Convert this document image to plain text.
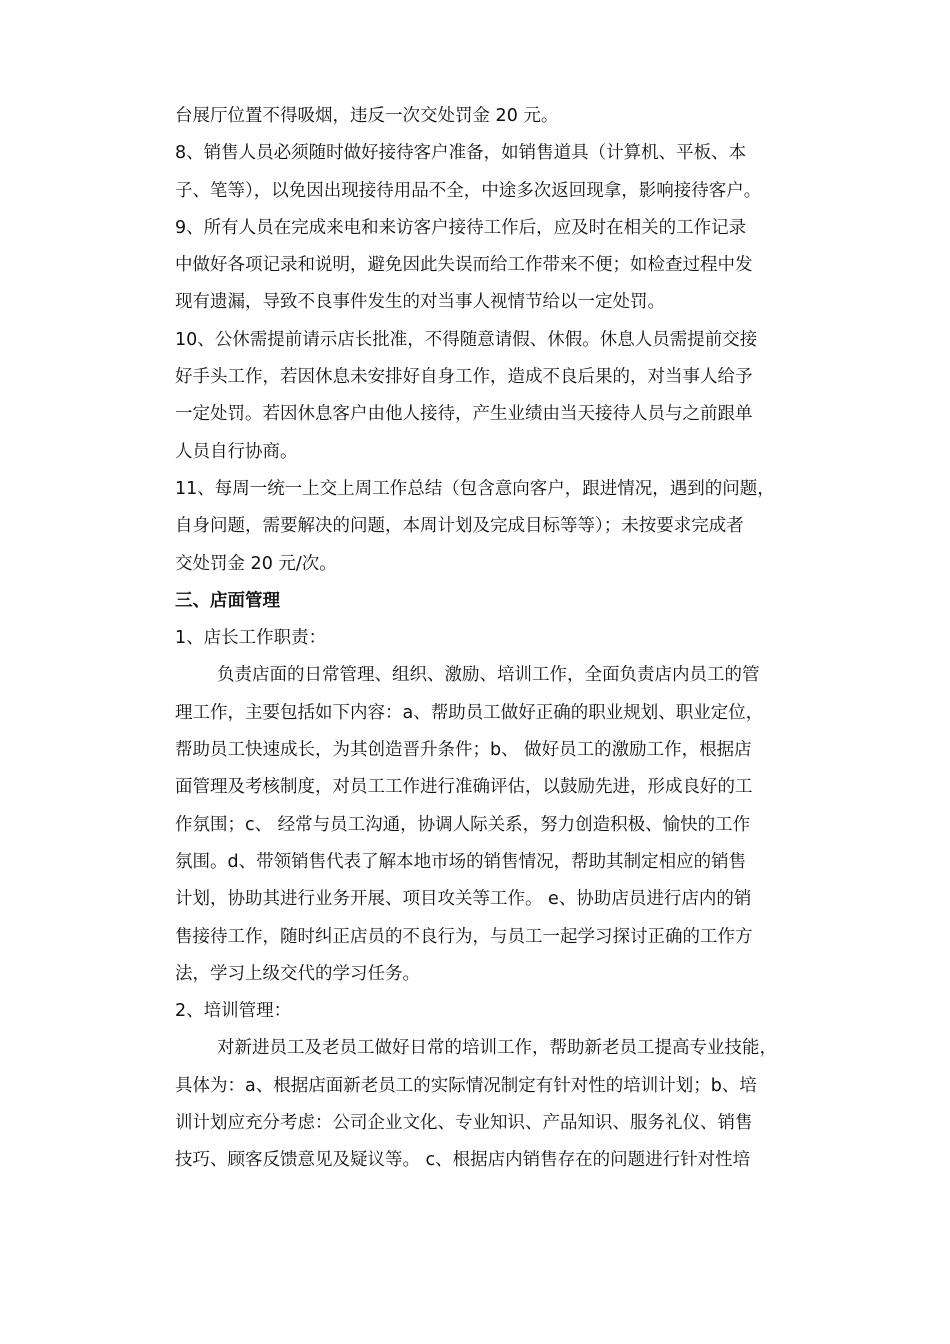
台展厅位置不得吸烟，违反一次交处罚金 20 元。
8、销售人员必须随时做好接待客户准备，如销售道具（计算机、平板、本
子、笔等），以免因出现接待用品不全，中途多次返回现拿，影响接待客户。
9、所有人员在完成来电和来访客户接待工作后，应及时在相关的工作记录
中做好各项记录和说明，避免因此失误而给工作带来不便；如检查过程中发
现有遗漏，导致不良事件发生的对当事人视情节给以一定处罚。
10、公休需提前请示店长批准，不得随意请假、休假。休息人员需提前交接
好手头工作，若因休息未安排好自身工作，造成不良后果的，对当事人给予
一定处罚。若因休息客户由他人接待，产生业绩由当天接待人员与之前跟单
人员自行协商。
11、每周一统一上交上周工作总结（包含意向客户，跟进情况，遇到的问题，
自身问题，需要解决的问题，本周计划及完成目标等等）；未按要求完成者
交处罚金 20 元/次。
三、店面管理
1、店长工作职责：
负责店面的日常管理、组织、激励、培训工作，全面负责店内员工的管
理工作，主要包括如下内容：a、帮助员工做好正确的职业规划、职业定位，
帮助员工快速成长，为其创造晋升条件；b、 做好员工的激励工作，根据店
面管理及考核制度，对员工工作进行准确评估，以鼓励先进，形成良好的工
作氛围；c、 经常与员工沟通，协调人际关系，努力创造积极、愉快的工作
氛围。d、带领销售代表了解本地市场的销售情况，帮助其制定相应的销售
计划，协助其进行业务开展、项目攻关等工作。 e、协助店员进行店内的销
售接待工作，随时纠正店员的不良行为，与员工一起学习探讨正确的工作方
法，学习上级交代的学习任务。
2、培训管理：
对新进员工及老员工做好日常的培训工作，帮助新老员工提高专业技能，
具体为：a、根据店面新老员工的实际情况制定有针对性的培训计划；b、培
训计划应充分考虑：公司企业文化、专业知识、产品知识、服务礼仪、销售
技巧、顾客反馈意见及疑议等。 c、根据店内销售存在的问题进行针对性培
